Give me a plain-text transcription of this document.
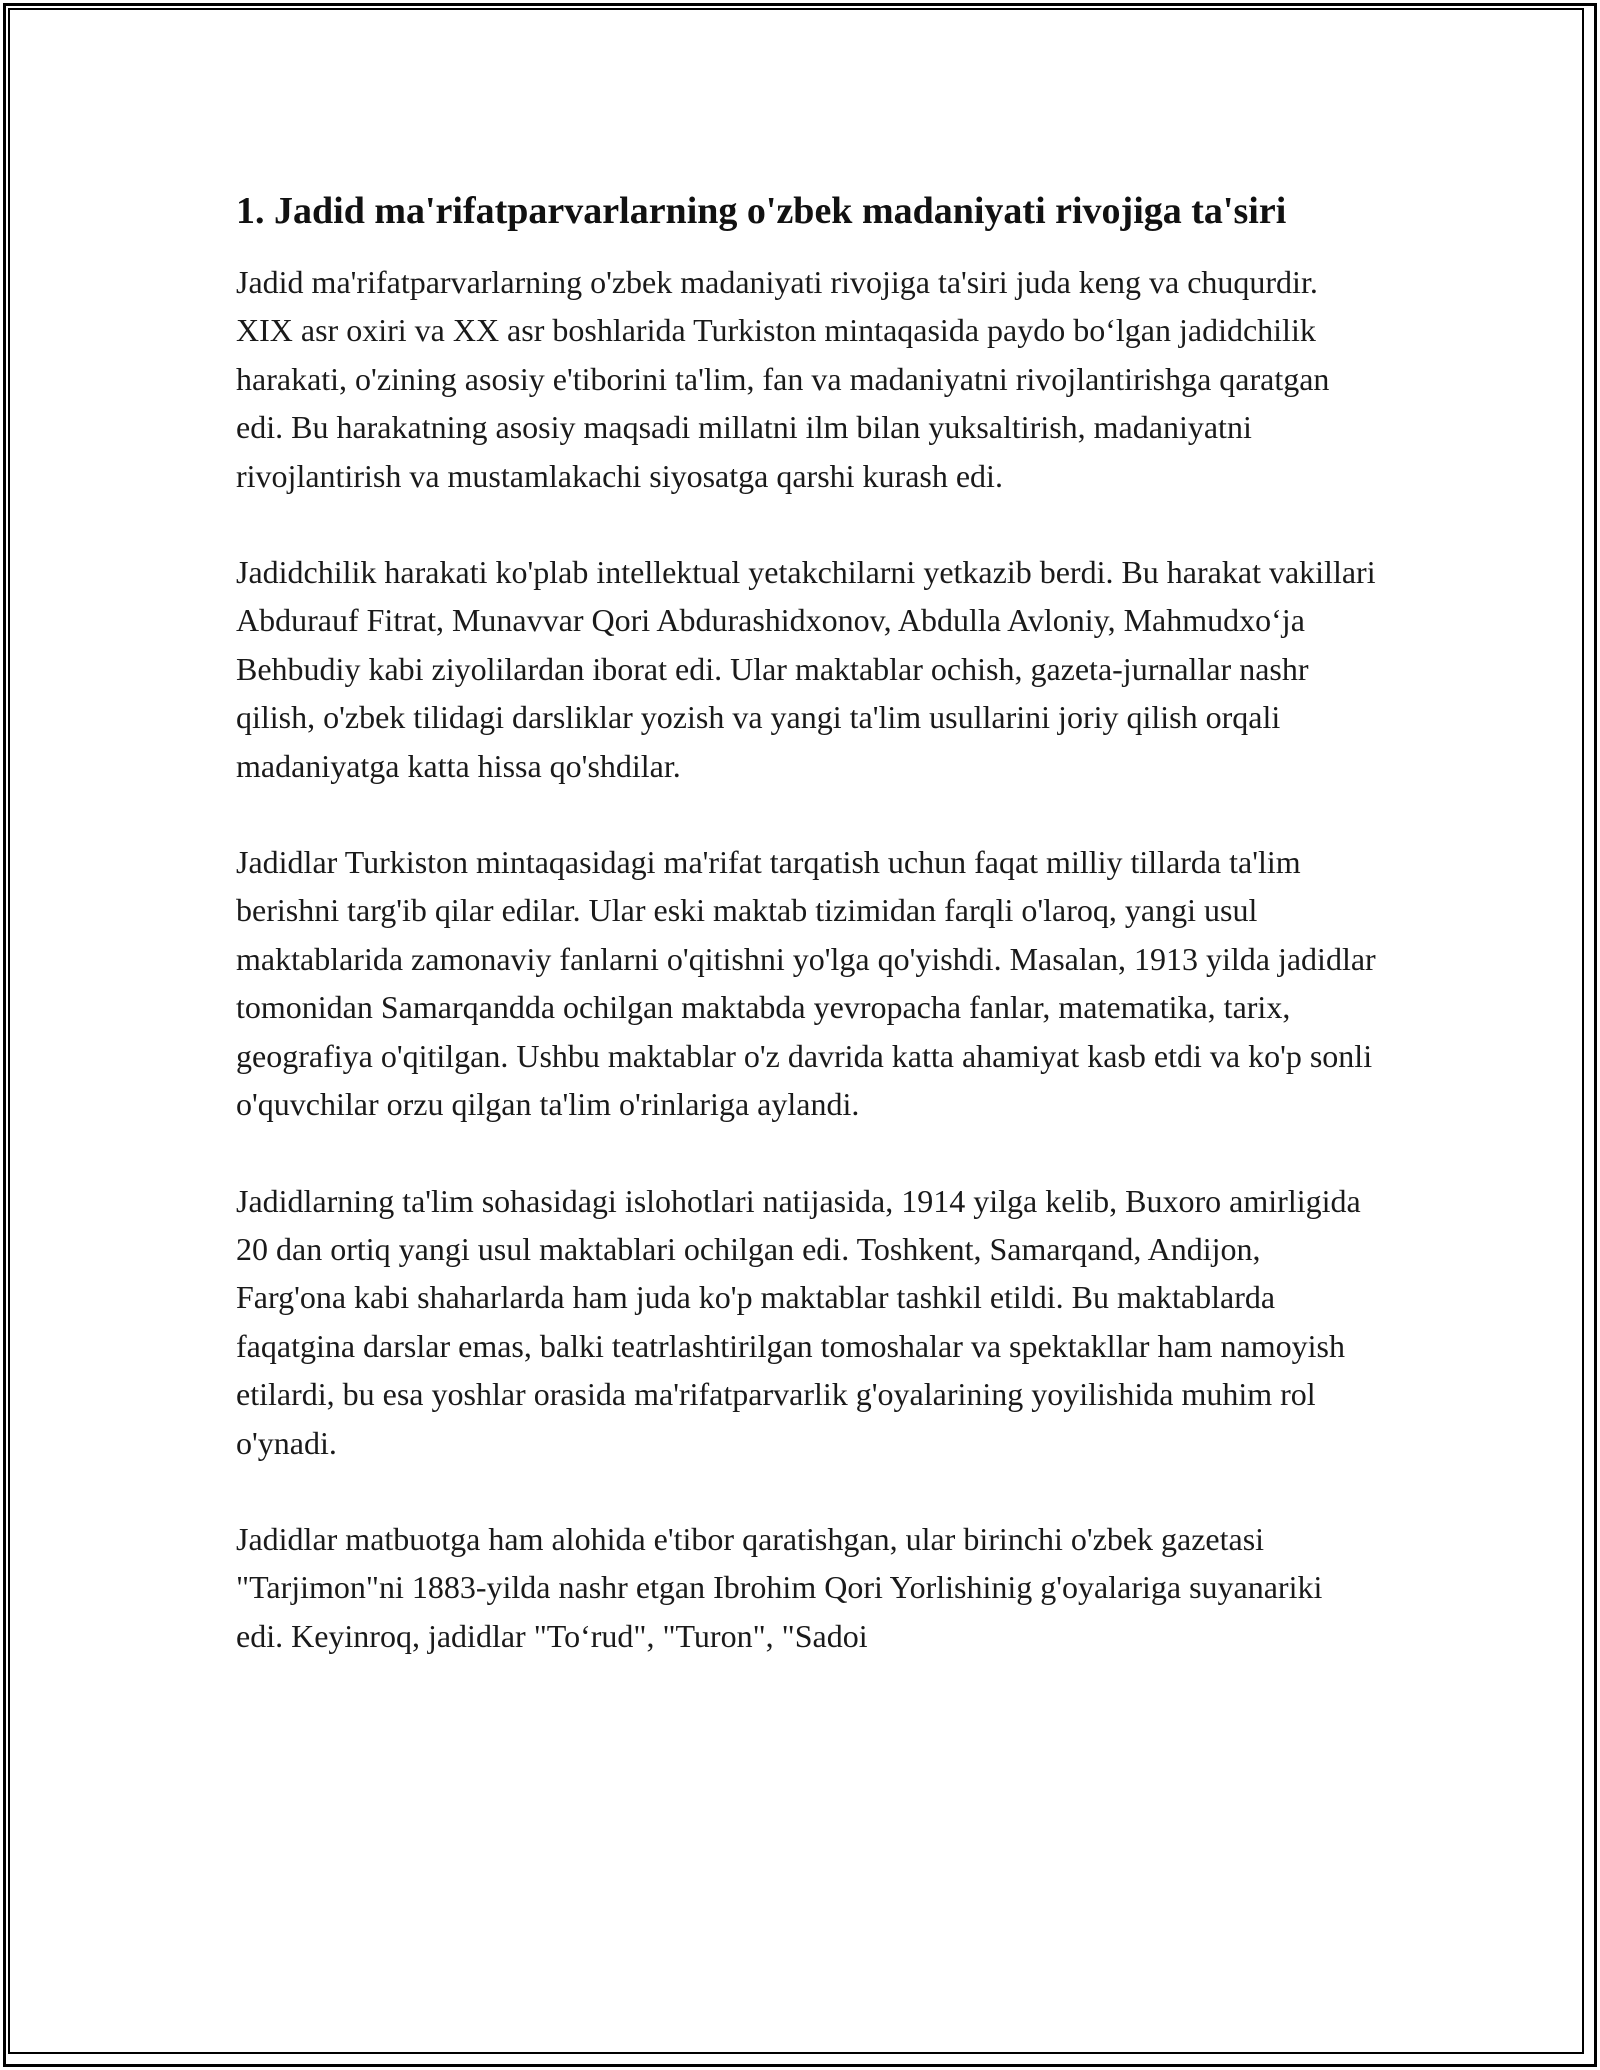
1. Jadid ma'rifatparvarlarning o'zbek madaniyati rivojiga ta'siri

Jadid ma'rifatparvarlarning o'zbek madaniyati rivojiga ta'siri juda keng va chuqurdir. XIX asr oxiri va XX asr boshlarida Turkiston mintaqasida paydo bo‘lgan jadidchilik harakati, o'zining asosiy e'tiborini ta'lim, fan va madaniyatni rivojlantirishga qaratgan edi. Bu harakatning asosiy maqsadi millatni ilm bilan yuksaltirish, madaniyatni rivojlantirish va mustamlakachi siyosatga qarshi kurash edi.

Jadidchilik harakati ko'plab intellektual yetakchilarni yetkazib berdi. Bu harakat vakillari Abdurauf Fitrat, Munavvar Qori Abdurashidxonov, Abdulla Avloniy, Mahmudxo‘ja Behbudiy kabi ziyolilardan iborat edi. Ular maktablar ochish, gazeta-jurnallar nashr qilish, o'zbek tilidagi darsliklar yozish va yangi ta'lim usullarini joriy qilish orqali madaniyatga katta hissa qo'shdilar.

Jadidlar Turkiston mintaqasidagi ma'rifat tarqatish uchun faqat milliy tillarda ta'lim berishni targ'ib qilar edilar. Ular eski maktab tizimidan farqli o'laroq, yangi usul maktablarida zamonaviy fanlarni o'qitishni yo'lga qo'yishdi. Masalan, 1913 yilda jadidlar tomonidan Samarqandda ochilgan maktabda yevropacha fanlar, matematika, tarix, geografiya o'qitilgan. Ushbu maktablar o'z davrida katta ahamiyat kasb etdi va ko'p sonli o'quvchilar orzu qilgan ta'lim o'rinlariga aylandi.

Jadidlarning ta'lim sohasidagi islohotlari natijasida, 1914 yilga kelib, Buxoro amirligida 20 dan ortiq yangi usul maktablari ochilgan edi. Toshkent, Samarqand, Andijon, Farg'ona kabi shaharlarda ham juda ko'p maktablar tashkil etildi. Bu maktablarda faqatgina darslar emas, balki teatrlashtirilgan tomoshalar va spektakllar ham namoyish etilardi, bu esa yoshlar orasida ma'rifatparvarlik g'oyalarining yoyilishida muhim rol o'ynadi.

Jadidlar matbuotga ham alohida e'tibor qaratishgan, ular birinchi o'zbek gazetasi "Tarjimon"ni 1883-yilda nashr etgan Ibrohim Qori Yorlishinig g'oyalariga suyanariki edi. Keyinroq, jadidlar "To‘rud", "Turon", "Sadoi
